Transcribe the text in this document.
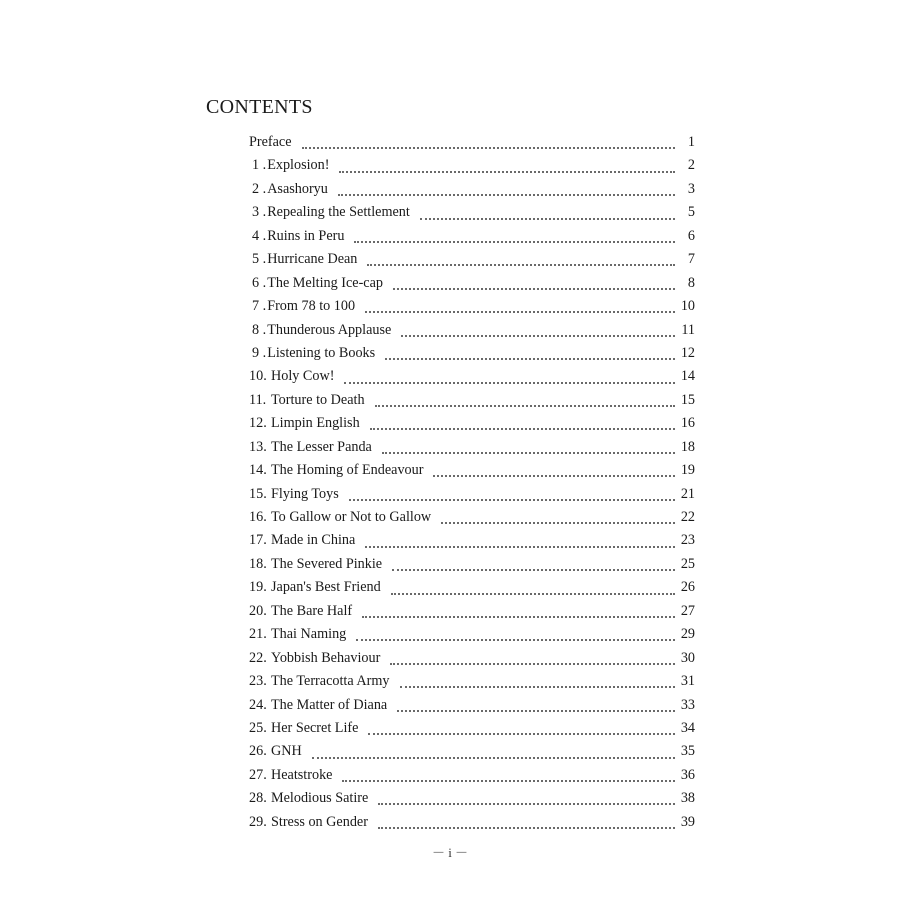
CONTENTS
Preface	1
1 . Explosion!	2
2 . Asashoryu	3
3 . Repealing the Settlement	5
4 . Ruins in Peru	6
5 . Hurricane Dean	7
6 . The Melting Ice-cap	8
7 . From 78 to 100	10
8 . Thunderous Applause	11
9 . Listening to Books	12
10. Holy Cow!	14
11. Torture to Death	15
12. Limpin English	16
13. The Lesser Panda	18
14. The Homing of Endeavour	19
15. Flying Toys	21
16. To Gallow or Not to Gallow	22
17. Made in China	23
18. The Severed Pinkie	25
19. Japan's Best Friend	26
20. The Bare Half	27
21. Thai Naming	29
22. Yobbish Behaviour	30
23. The Terracotta Army	31
24. The Matter of Diana	33
25. Her Secret Life	34
26. GNH	35
27. Heatstroke	36
28. Melodious Satire	38
29. Stress on Gender	39
－ i －
